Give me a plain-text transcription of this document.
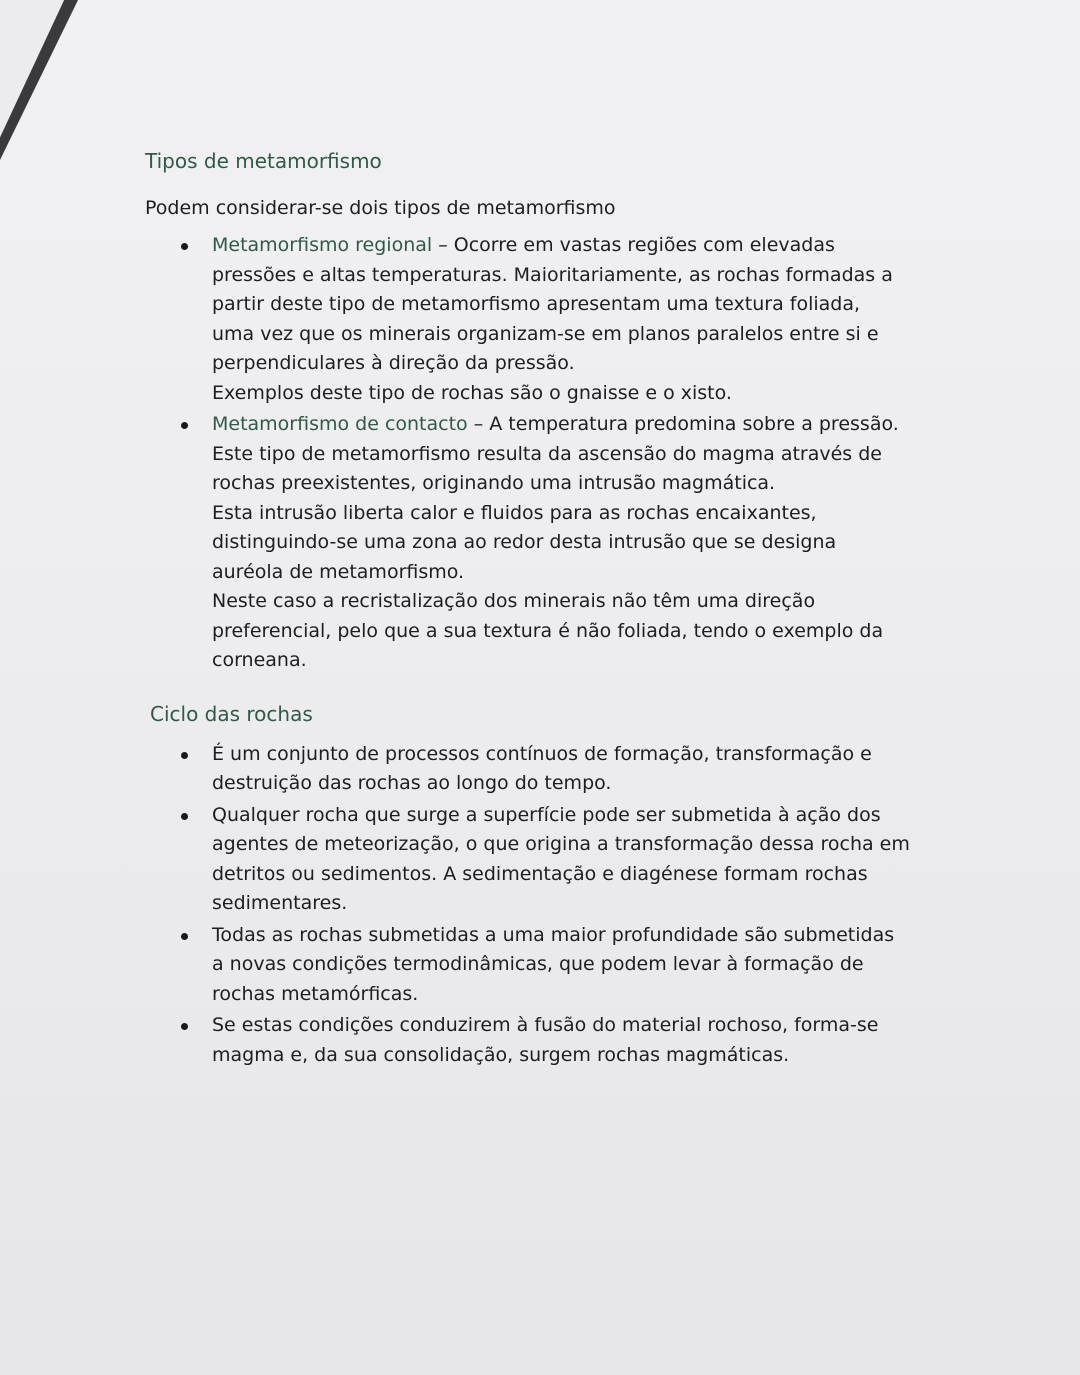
Tipos de metamorfismo

Podem considerar-se dois tipos de metamorfismo

Metamorfismo regional – Ocorre em vastas regiões com elevadas
pressões e altas temperaturas. Maioritariamente, as rochas formadas a
partir deste tipo de metamorfismo apresentam uma textura foliada,
uma vez que os minerais organizam-se em planos paralelos entre si e
perpendiculares à direção da pressão.
Exemplos deste tipo de rochas são o gnaisse e o xisto.
Metamorfismo de contacto – A temperatura predomina sobre a pressão.
Este tipo de metamorfismo resulta da ascensão do magma através de
rochas preexistentes, originando uma intrusão magmática.
Esta intrusão liberta calor e fluidos para as rochas encaixantes,
distinguindo-se uma zona ao redor desta intrusão que se designa
auréola de metamorfismo.
Neste caso a recristalização dos minerais não têm uma direção
preferencial, pelo que a sua textura é não foliada, tendo o exemplo da
corneana.
Ciclo das rochas
É um conjunto de processos contínuos de formação, transformação e
destruição das rochas ao longo do tempo.
Qualquer rocha que surge a superfície pode ser submetida à ação dos
agentes de meteorização, o que origina a transformação dessa rocha em
detritos ou sedimentos. A sedimentação e diagénese formam rochas
sedimentares.
Todas as rochas submetidas a uma maior profundidade são submetidas
a novas condições termodinâmicas, que podem levar à formação de
rochas metamórficas.
Se estas condições conduzirem à fusão do material rochoso, forma-se
magma e, da sua consolidação, surgem rochas magmáticas.
